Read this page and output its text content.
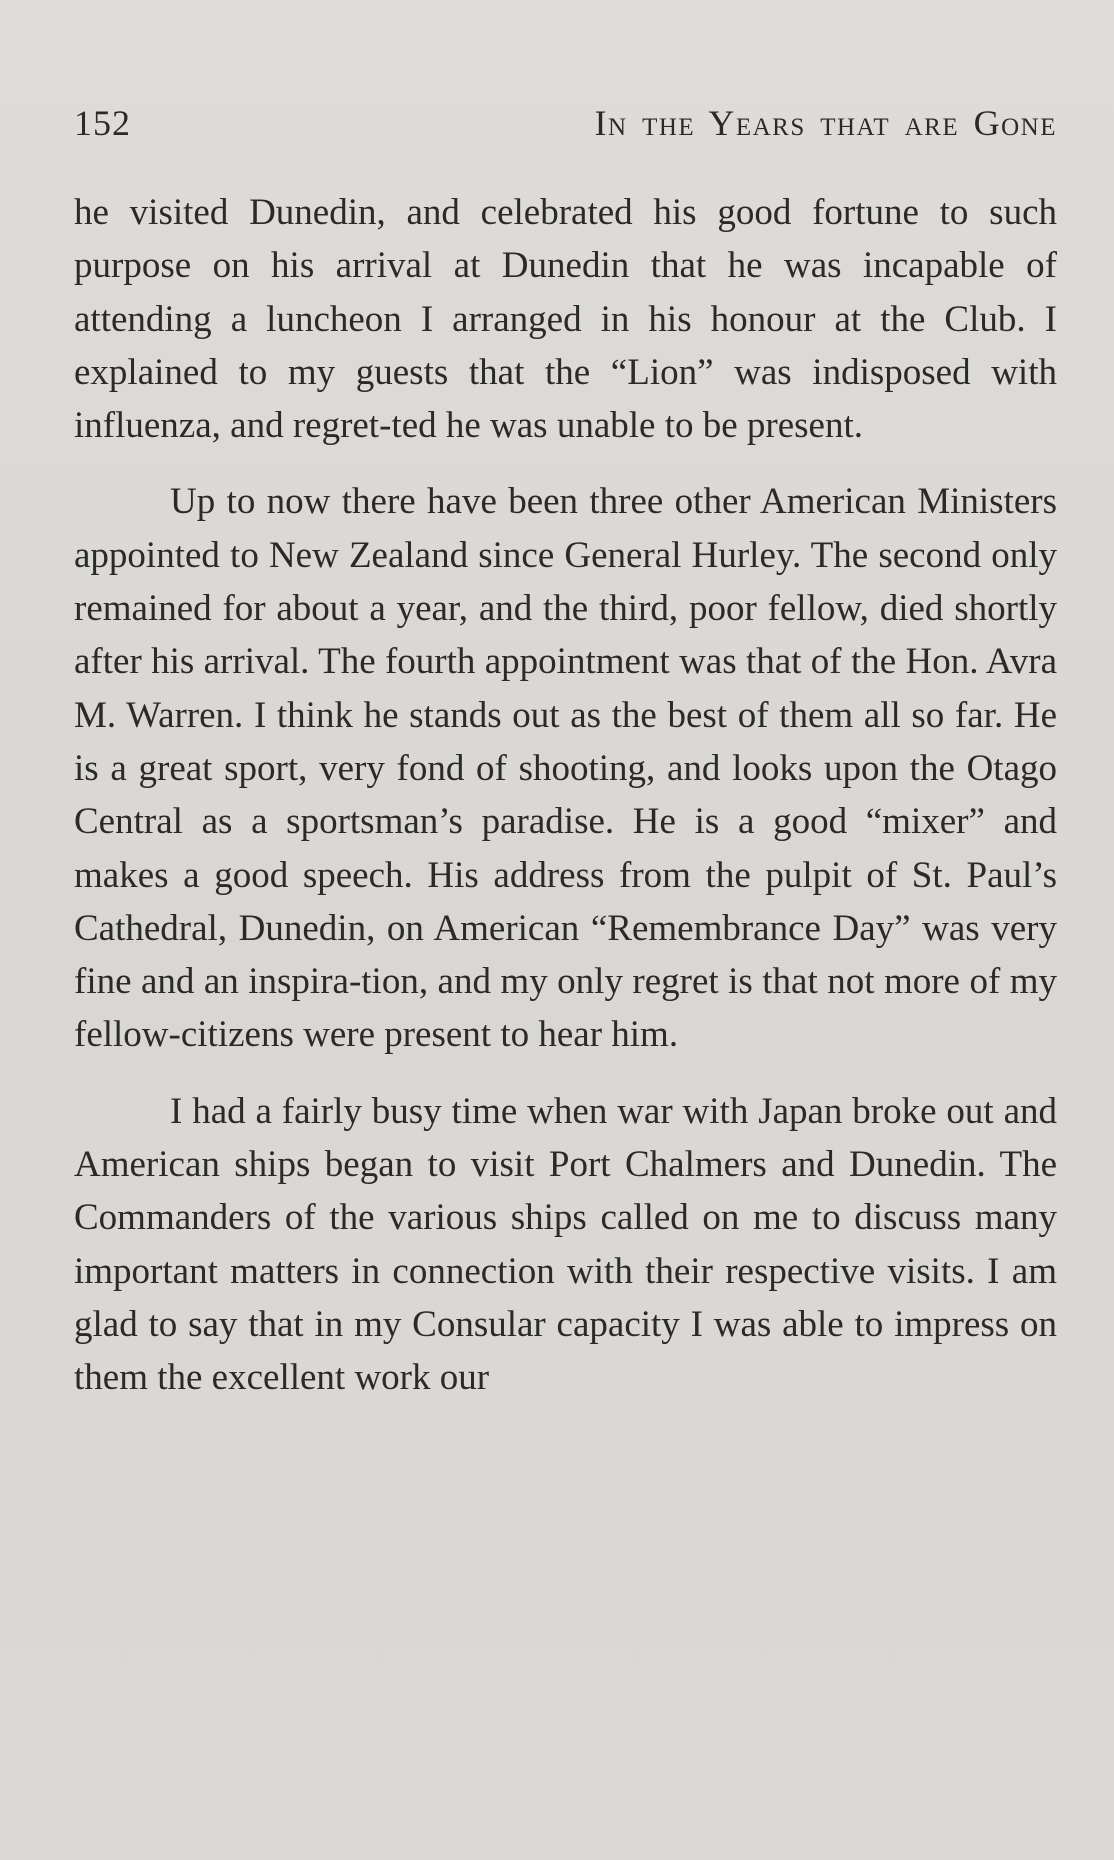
152	In the Years that are Gone

he visited Dunedin, and celebrated his good fortune to such purpose on his arrival at Dunedin that he was incapable of attending a luncheon I arranged in his honour at the Club. I explained to my guests that the “Lion” was indisposed with influenza, and regret-ted he was unable to be present.

Up to now there have been three other American Ministers appointed to New Zealand since General Hurley. The second only remained for about a year, and the third, poor fellow, died shortly after his arrival. The fourth appointment was that of the Hon. Avra M. Warren. I think he stands out as the best of them all so far. He is a great sport, very fond of shooting, and looks upon the Otago Central as a sportsman’s paradise. He is a good “mixer” and makes a good speech. His address from the pulpit of St. Paul’s Cathedral, Dunedin, on American “Remembrance Day” was very fine and an inspira-tion, and my only regret is that not more of my fellow-citizens were present to hear him.

I had a fairly busy time when war with Japan broke out and American ships began to visit Port Chalmers and Dunedin. The Commanders of the various ships called on me to discuss many important matters in connection with their respective visits. I am glad to say that in my Consular capacity I was able to impress on them the excellent work our
